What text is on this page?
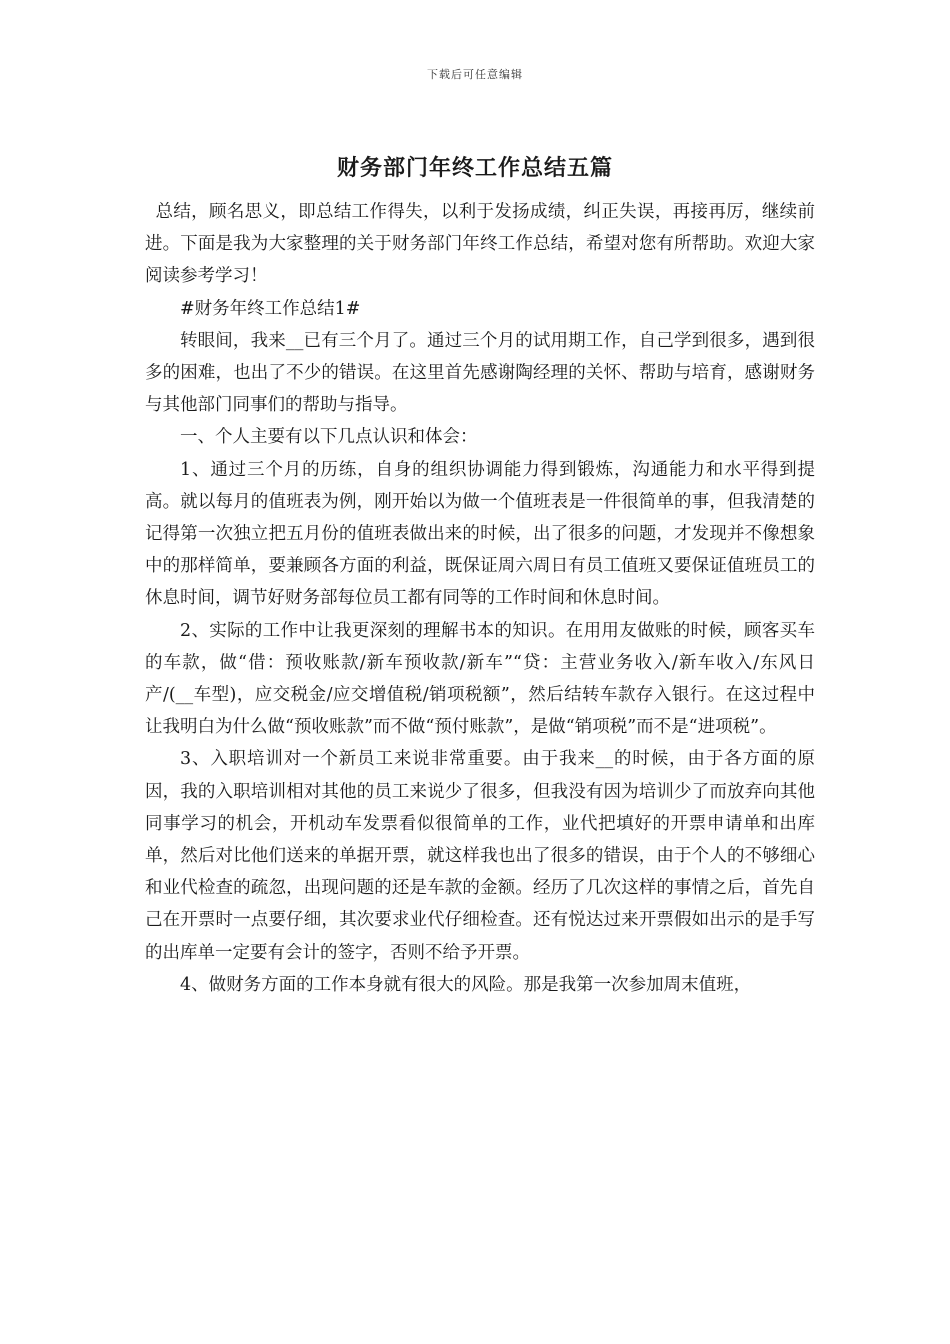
下载后可任意编辑
财务部门年终工作总结五篇

总结，顾名思义，即总结工作得失，以利于发扬成绩，纠正失误，再接再厉，继续前进。下面是我为大家整理的关于财务部门年终工作总结，希望对您有所帮助。欢迎大家阅读参考学习！

#财务年终工作总结1#

转眼间，我来__已有三个月了。通过三个月的试用期工作，自己学到很多，遇到很多的困难，也出了不少的错误。在这里首先感谢陶经理的关怀、帮助与培育，感谢财务与其他部门同事们的帮助与指导。

一、个人主要有以下几点认识和体会：

1、通过三个月的历练，自身的组织协调能力得到锻炼，沟通能力和水平得到提高。就以每月的值班表为例，刚开始以为做一个值班表是一件很简单的事，但我清楚的记得第一次独立把五月份的值班表做出来的时候，出了很多的问题，才发现并不像想象中的那样简单，要兼顾各方面的利益，既保证周六周日有员工值班又要保证值班员工的休息时间，调节好财务部每位员工都有同等的工作时间和休息时间。

2、实际的工作中让我更深刻的理解书本的知识。在用用友做账的时候，顾客买车的车款，做“借：预收账款/新车预收款/新车”“贷：主营业务收入/新车收入/东风日产/(__车型)，应交税金/应交增值税/销项税额”，然后结转车款存入银行。在这过程中让我明白为什么做“预收账款”而不做“预付账款”，是做“销项税”而不是“进项税”。

3、入职培训对一个新员工来说非常重要。由于我来__的时候，由于各方面的原因，我的入职培训相对其他的员工来说少了很多，但我没有因为培训少了而放弃向其他同事学习的机会，开机动车发票看似很简单的工作，业代把填好的开票申请单和出库单，然后对比他们送来的单据开票，就这样我也出了很多的错误，由于个人的不够细心和业代检查的疏忽，出现问题的还是车款的金额。经历了几次这样的事情之后，首先自己在开票时一点要仔细，其次要求业代仔细检查。还有悦达过来开票假如出示的是手写的出库单一定要有会计的签字，否则不给予开票。

4、做财务方面的工作本身就有很大的风险。那是我第一次参加周末值班，
